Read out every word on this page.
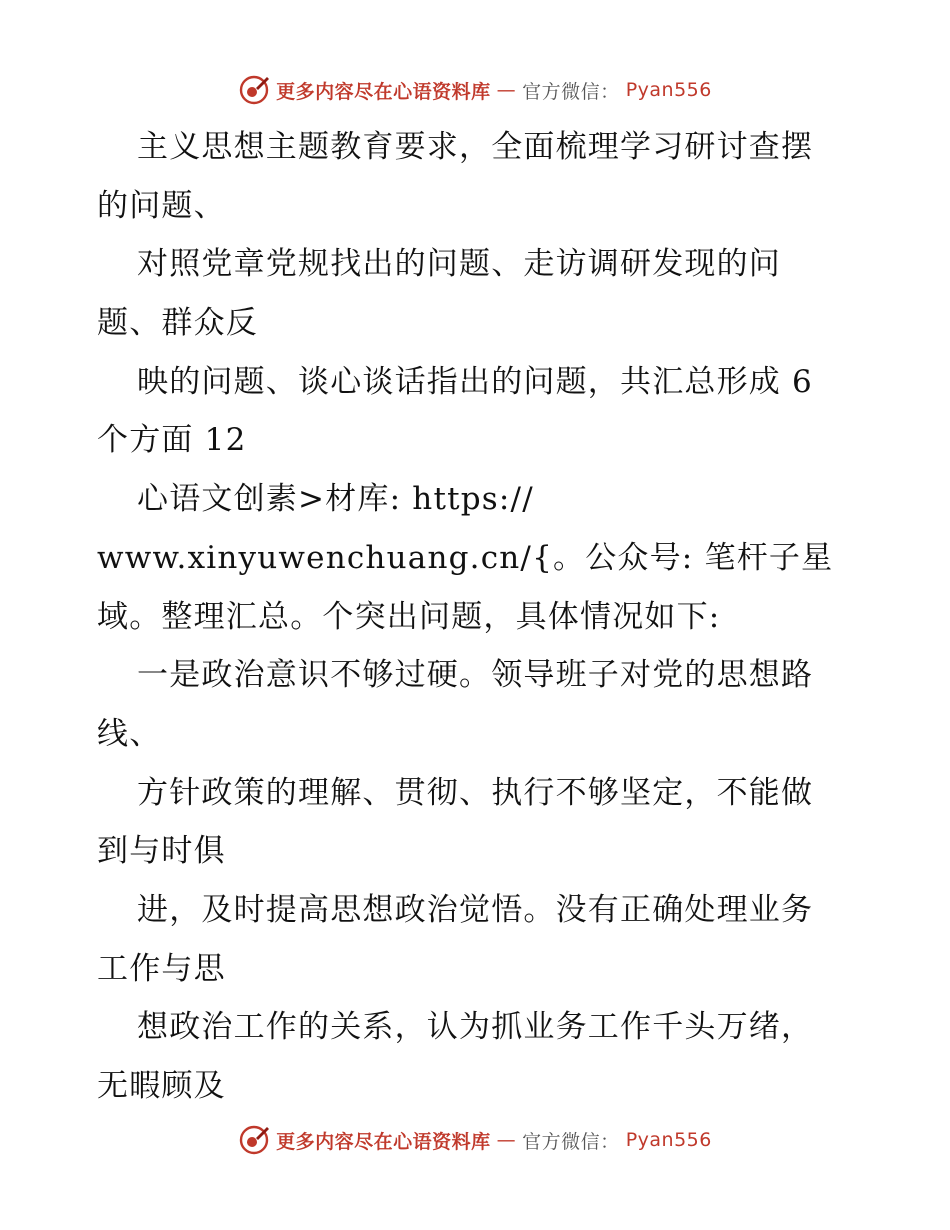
更多内容尽在心语资料库 — 官方微信： Pyan556
主义思想主题教育要求，全面梳理学习研讨查摆
的问题、
对照党章党规找出的问题、走访调研发现的问
题、群众反
映的问题、谈心谈话指出的问题，共汇总形成 6
个方面 12
心语文创素>材库: https://
www.xinyuwenchuang.cn/{。公众号: 笔杆子星
域。整理汇总。个突出问题，具体情况如下:
一是政治意识不够过硬。领导班子对党的思想路
线、
方针政策的理解、贯彻、执行不够坚定，不能做
到与时俱
进，及时提高思想政治觉悟。没有正确处理业务
工作与思
想政治工作的关系，认为抓业务工作千头万绪，
无暇顾及
更多内容尽在心语资料库 — 官方微信： Pyan556
